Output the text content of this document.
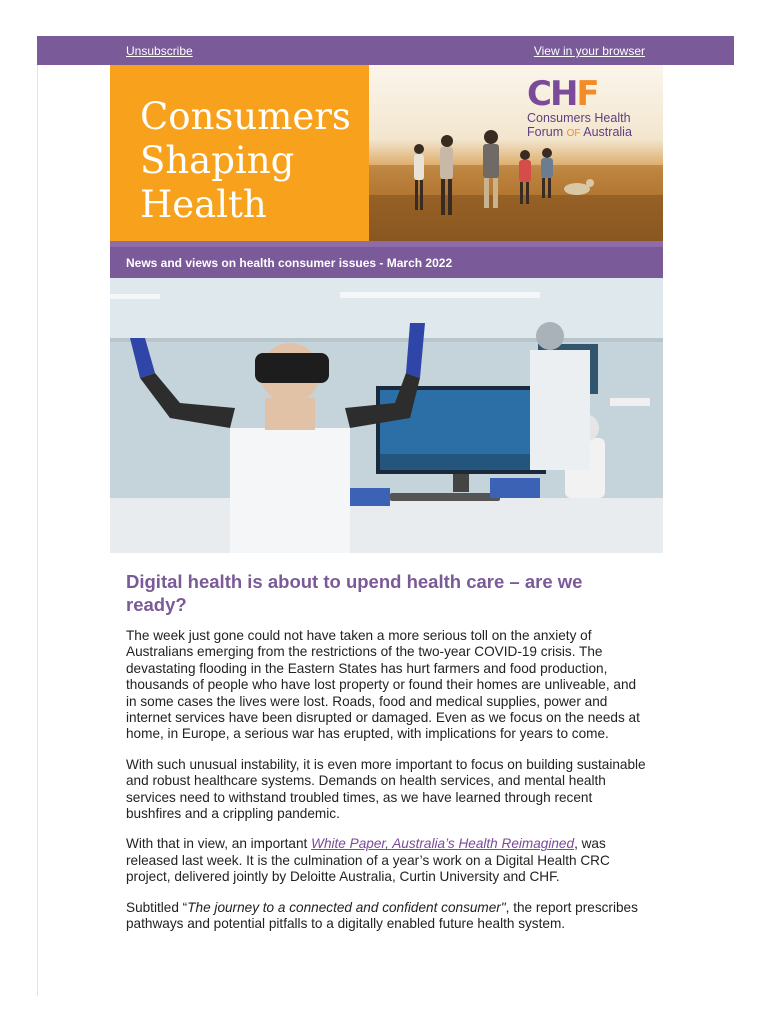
Unsubscribe	View in your browser
Consumers
Shaping
Health
CHF
Consumers Health
Forum OF Australia
News and views on health consumer issues - March 2022
Digital health is about to upend health care – are we ready?

The week just gone could not have taken a more serious toll on the anxiety of Australians emerging from the restrictions of the two-year COVID-19 crisis. The devastating flooding in the Eastern States has hurt farmers and food production, thousands of people who have lost property or found their homes are unliveable, and in some cases the lives were lost. Roads, food and medical supplies, power and internet services have been disrupted or damaged. Even as we focus on the needs at home, in Europe, a serious war has erupted, with implications for years to come.

With such unusual instability, it is even more important to focus on building sustainable and robust healthcare systems. Demands on health services, and mental health services need to withstand troubled times, as we have learned through recent bushfires and a crippling pandemic.

With that in view, an important White Paper, Australia’s Health Reimagined, was released last week. It is the culmination of a year’s work on a Digital Health CRC project, delivered jointly by Deloitte Australia, Curtin University and CHF.

Subtitled “The journey to a connected and confident consumer", the report prescribes pathways and potential pitfalls to a digitally enabled future health system.
